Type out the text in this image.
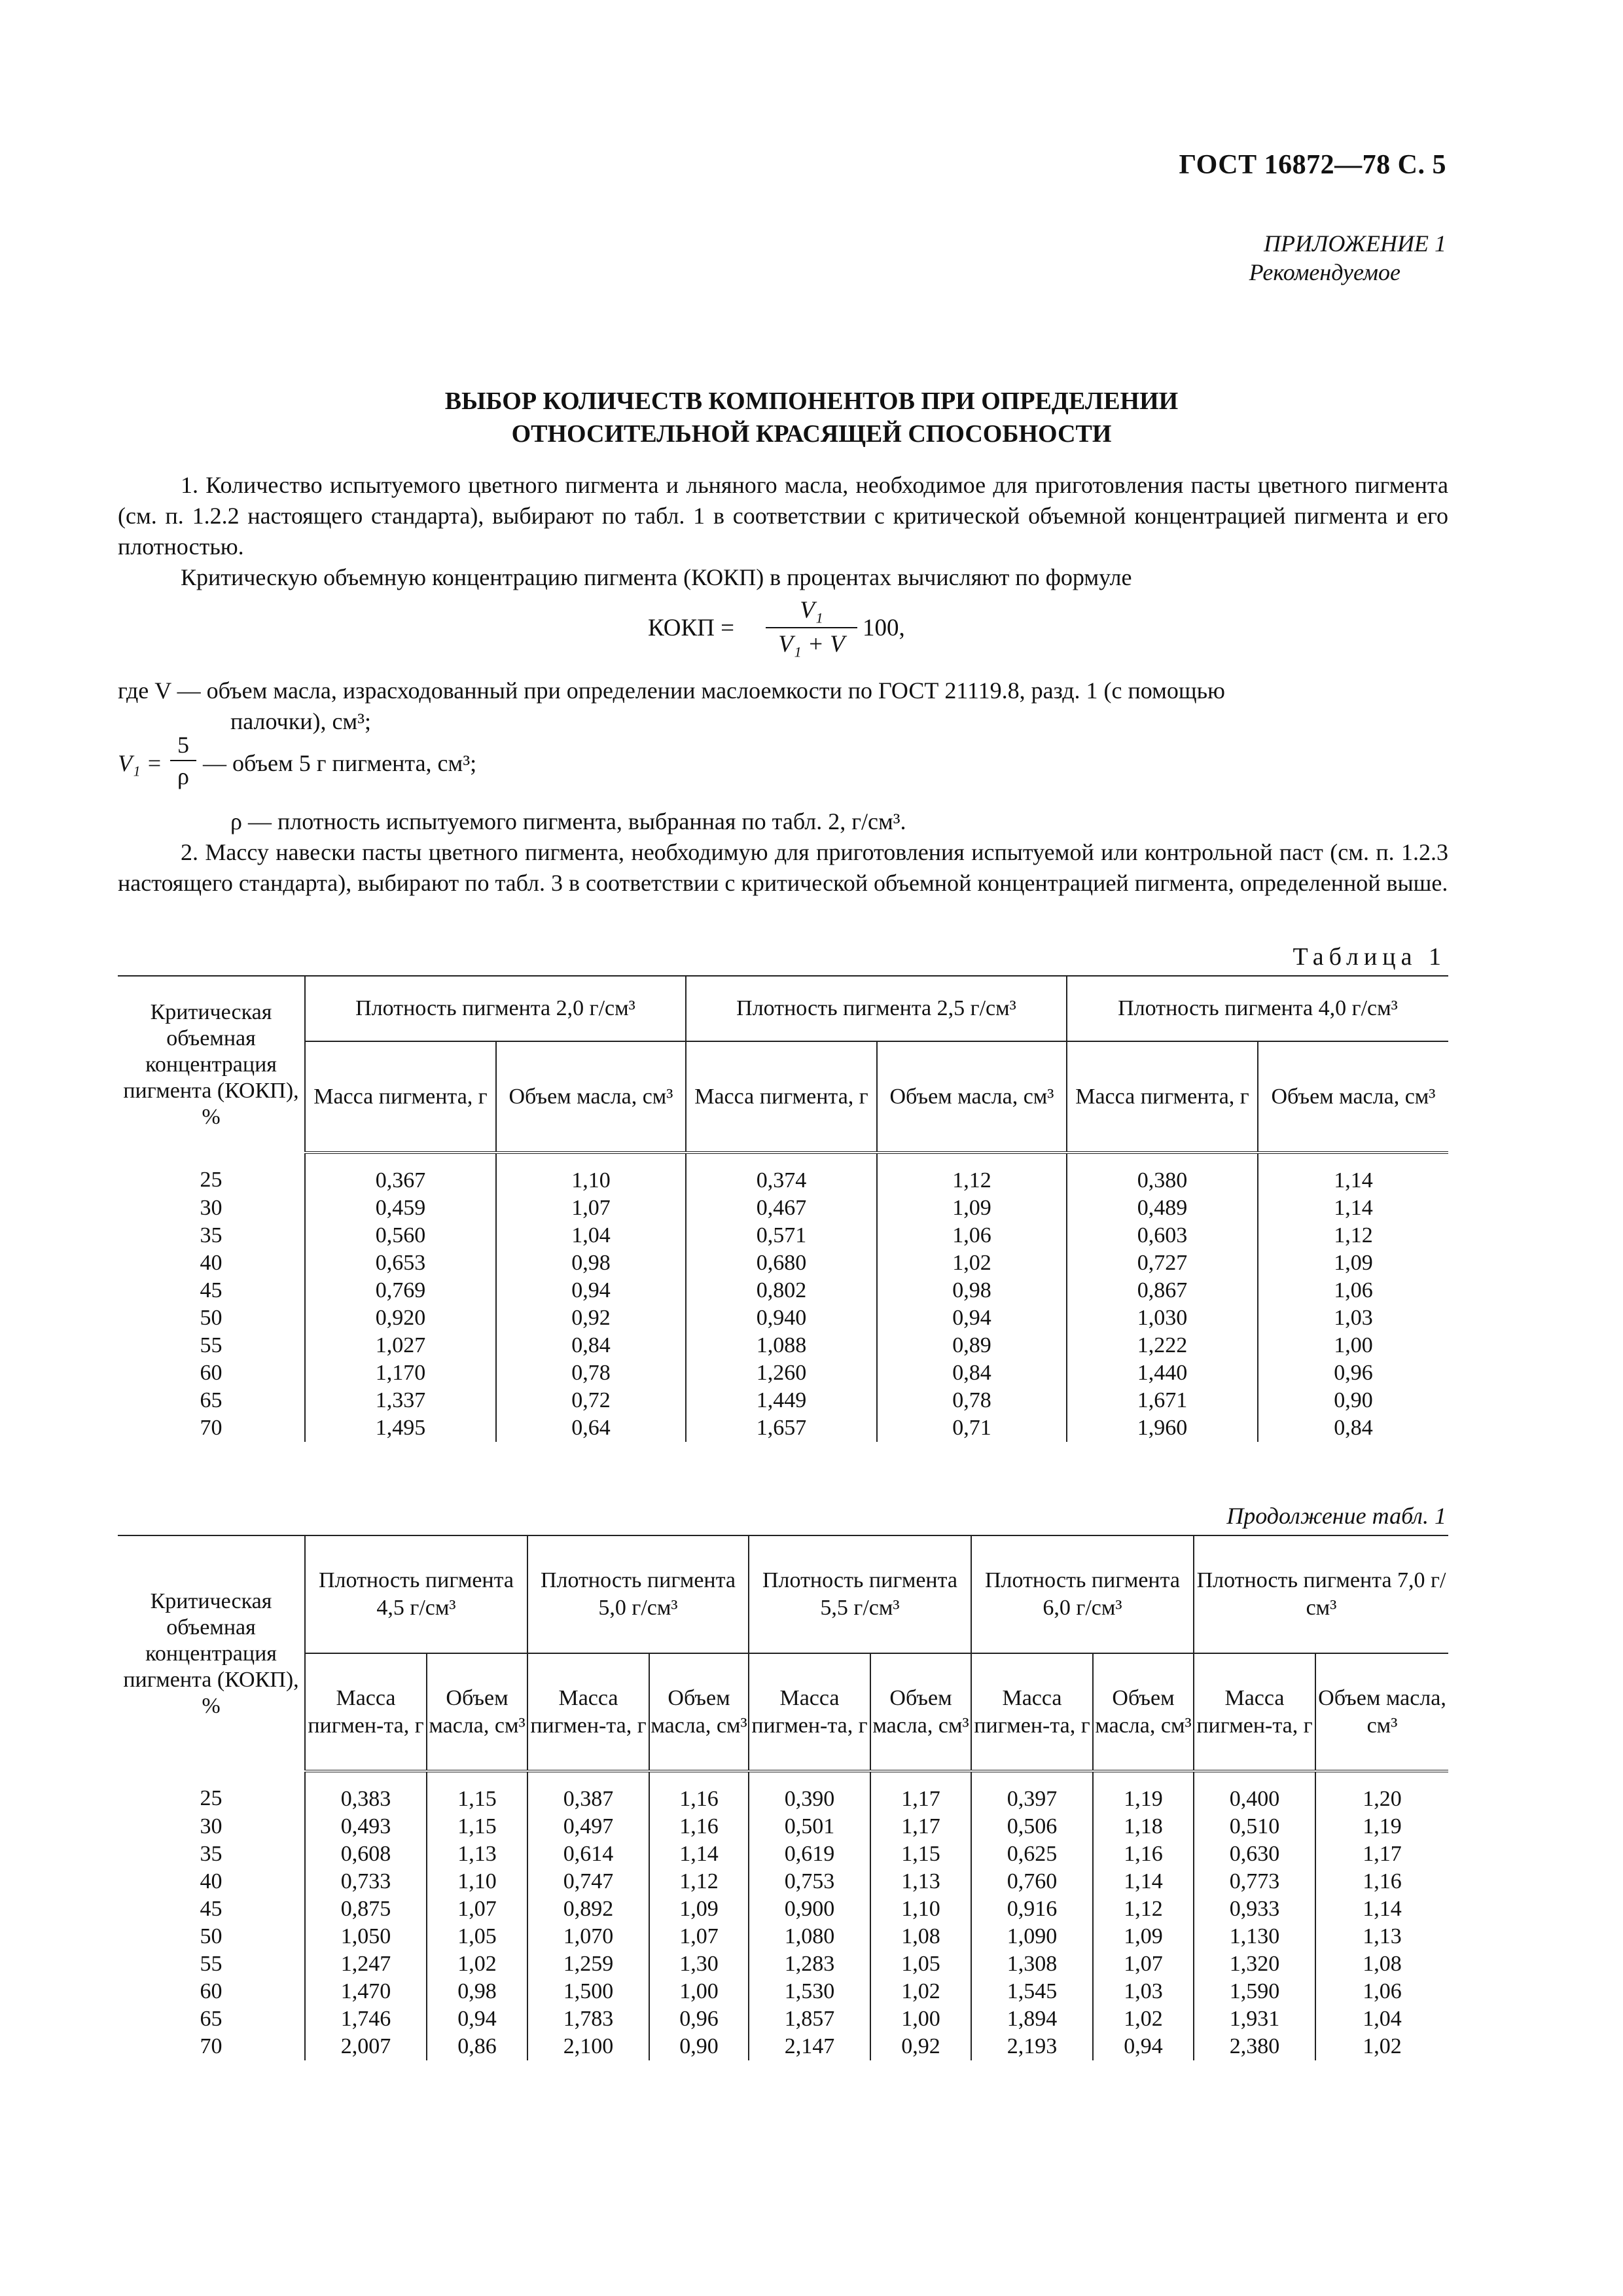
ГОСТ 16872—78 С. 5
ПРИЛОЖЕНИЕ 1

Рекомендуемое
ВЫБОР КОЛИЧЕСТВ КОМПОНЕНТОВ ПРИ ОПРЕДЕЛЕНИИ
ОТНОСИТЕЛЬНОЙ КРАСЯЩЕЙ СПОСОБНОСТИ

1. Количество испытуемого цветного пигмента и льняного масла, необходимое для приготовления пасты цветного пигмента (см. п. 1.2.2 настоящего стандарта), выбирают по табл. 1 в соответствии с критической объемной концентрацией пигмента и его плотностью.

Критическую объемную концентрацию пигмента (КОКП) в процентах вычисляют по формуле

КОКП =
V₁
V₁ + V
100,

где V — объем масла, израсходованный при определении маслоемкости по ГОСТ 21119.8, разд. 1 (с помощью

палочки), см³;

V₁ =
5
ρ — объем 5 г пигмента, см³;

ρ — плотность испытуемого пигмента, выбранная по табл. 2, г/см³.

2. Массу навески пасты цветного пигмента, необходимую для приготовления испытуемой или контрольной паст (см. п. 1.2.3 настоящего стандарта), выбирают по табл. 3 в соответствии с критической объемной концентрацией пигмента, определенной выше.

Таблица 1
Критическая объемная концентрация пигмента (КОКП), %	Плотность пигмента 2,0 г/см³		Плотность пигмента 2,5 г/см³		Плотность пигмента 4,0 г/см³	
	Масса пигмента, г	Объем масла, см³	Масса пигмента, г	Объем масла, см³	Масса пигмента, г	Объем масла, см³
25	0,367	1,10	0,374	1,12	0,380	1,14
30	0,459	1,07	0,467	1,09	0,489	1,14
35	0,560	1,04	0,571	1,06	0,603	1,12
40	0,653	0,98	0,680	1,02	0,727	1,09
45	0,769	0,94	0,802	0,98	0,867	1,06
50	0,920	0,92	0,940	0,94	1,030	1,03
55	1,027	0,84	1,088	0,89	1,222	1,00
60	1,170	0,78	1,260	0,84	1,440	0,96
65	1,337	0,72	1,449	0,78	1,671	0,90
70	1,495	0,64	1,657	0,71	1,960	0,84
Продолжение табл. 1
Критическая объемная концентрация пигмента (КОКП), %	Плотность пигмента 4,5 г/см³		Плотность пигмента 5,0 г/см³		Плотность пигмента 5,5 г/см³		Плотность пигмента 6,0 г/см³		Плотность пигмента 7,0 г/см³	
	Масса пигмен-та, г	Объем масла, см³	Масса пигмен-та, г	Объем масла, см³	Масса пигмен-та, г	Объем масла, см³	Масса пигмен-та, г	Объем масла, см³	Масса пигмен-та, г	Объем масла, см³
25	0,383	1,15	0,387	1,16	0,390	1,17	0,397	1,19	0,400	1,20
30	0,493	1,15	0,497	1,16	0,501	1,17	0,506	1,18	0,510	1,19
35	0,608	1,13	0,614	1,14	0,619	1,15	0,625	1,16	0,630	1,17
40	0,733	1,10	0,747	1,12	0,753	1,13	0,760	1,14	0,773	1,16
45	0,875	1,07	0,892	1,09	0,900	1,10	0,916	1,12	0,933	1,14
50	1,050	1,05	1,070	1,07	1,080	1,08	1,090	1,09	1,130	1,13
55	1,247	1,02	1,259	1,30	1,283	1,05	1,308	1,07	1,320	1,08
60	1,470	0,98	1,500	1,00	1,530	1,02	1,545	1,03	1,590	1,06
65	1,746	0,94	1,783	0,96	1,857	1,00	1,894	1,02	1,931	1,04
70	2,007	0,86	2,100	0,90	2,147	0,92	2,193	0,94	2,380	1,02
